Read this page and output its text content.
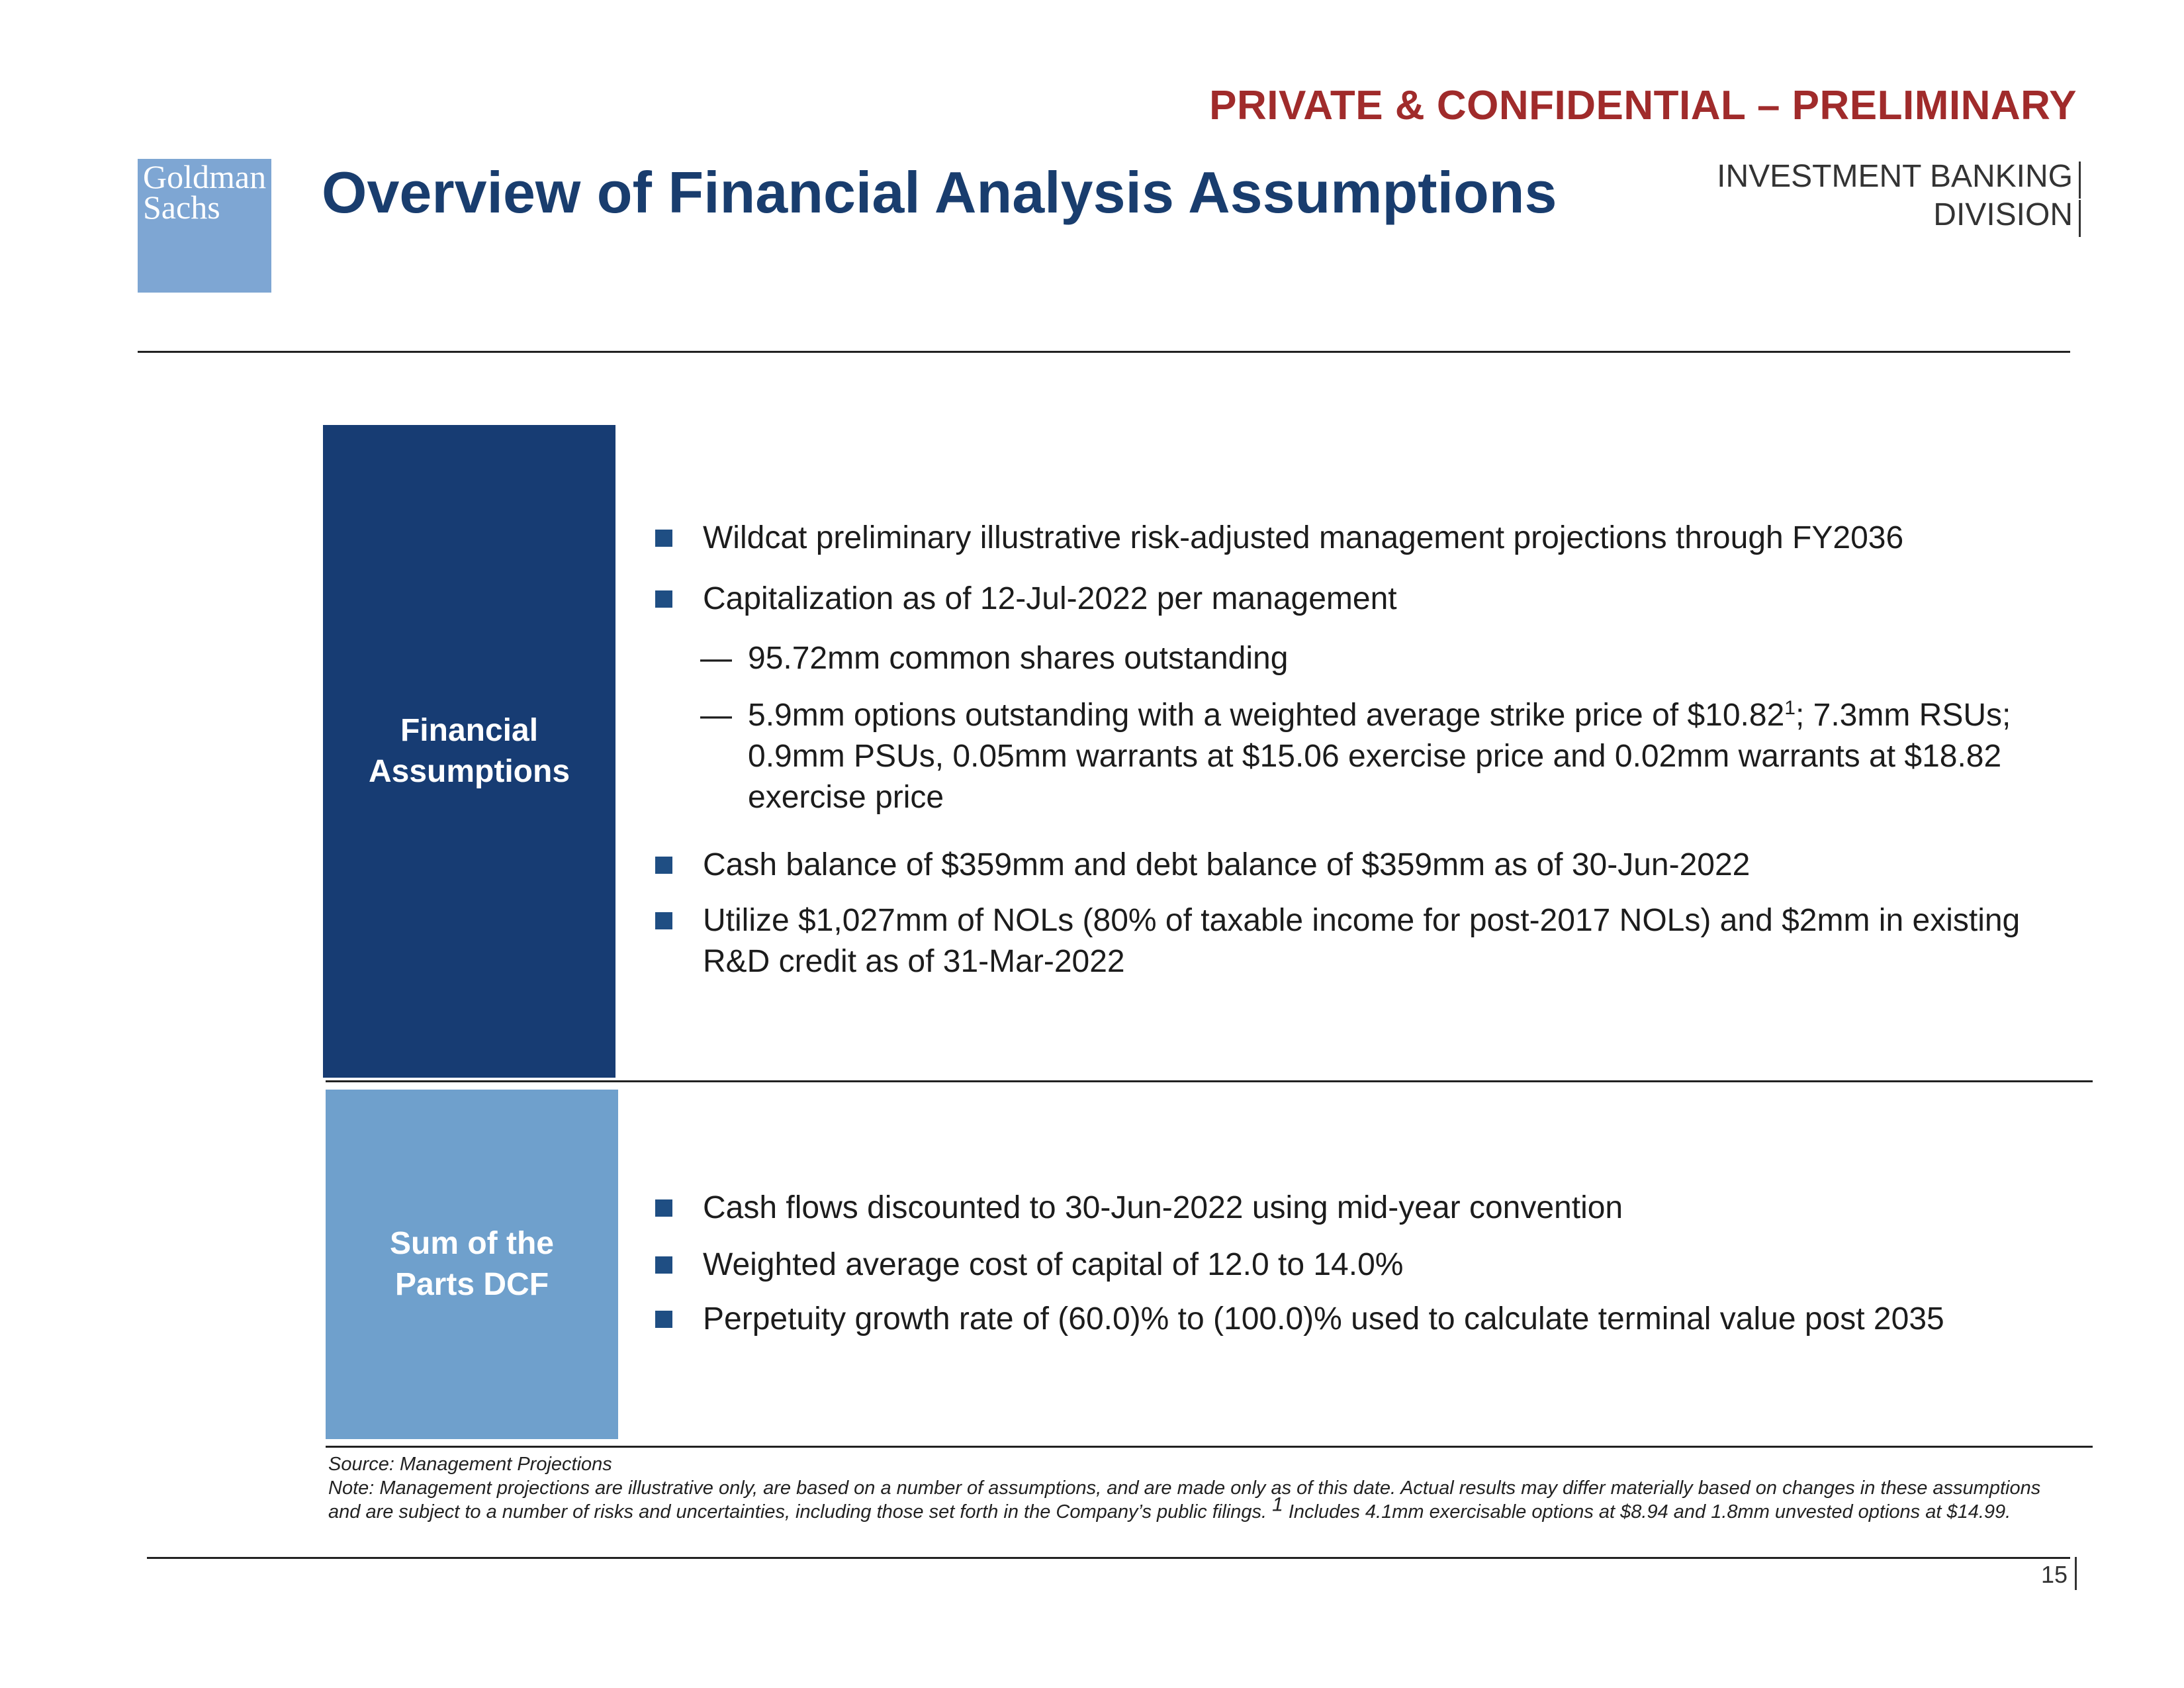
PRIVATE & CONFIDENTIAL – PRELIMINARY
Goldman
Sachs	Overview of Financial Analysis Assumptions	INVESTMENT BANKING
DIVISION
Financial Assumptions
Wildcat preliminary illustrative risk-adjusted management projections through FY2036
Capitalization as of 12-Jul-2022 per management
— 95.72mm common shares outstanding
— 5.9mm options outstanding with a weighted average strike price of $10.82$^1$; 7.3mm RSUs; 0.9mm PSUs, 0.05mm warrants at $15.06 exercise price and 0.02mm warrants at $18.82 exercise price
Cash balance of $359mm and debt balance of $359mm as of 30-Jun-2022
Utilize $1,027mm of NOLs (80% of taxable income for post-2017 NOLs) and $2mm in existing R&D credit as of 31-Mar-2022
Sum of the Parts DCF
Cash flows discounted to 30-Jun-2022 using mid-year convention
Weighted average cost of capital of 12.0 to 14.0%
Perpetuity growth rate of (60.0)% to (100.0)% used to calculate terminal value post 2035
Source: Management Projections
Note: Management projections are illustrative only, are based on a number of assumptions, and are made only as of this date. Actual results may differ materially based on changes in these assumptions and are subject to a number of risks and uncertainties, including those set forth in the Company’s public filings. 1 Includes 4.1mm exercisable options at $8.94 and 1.8mm unvested options at $14.99.
15
